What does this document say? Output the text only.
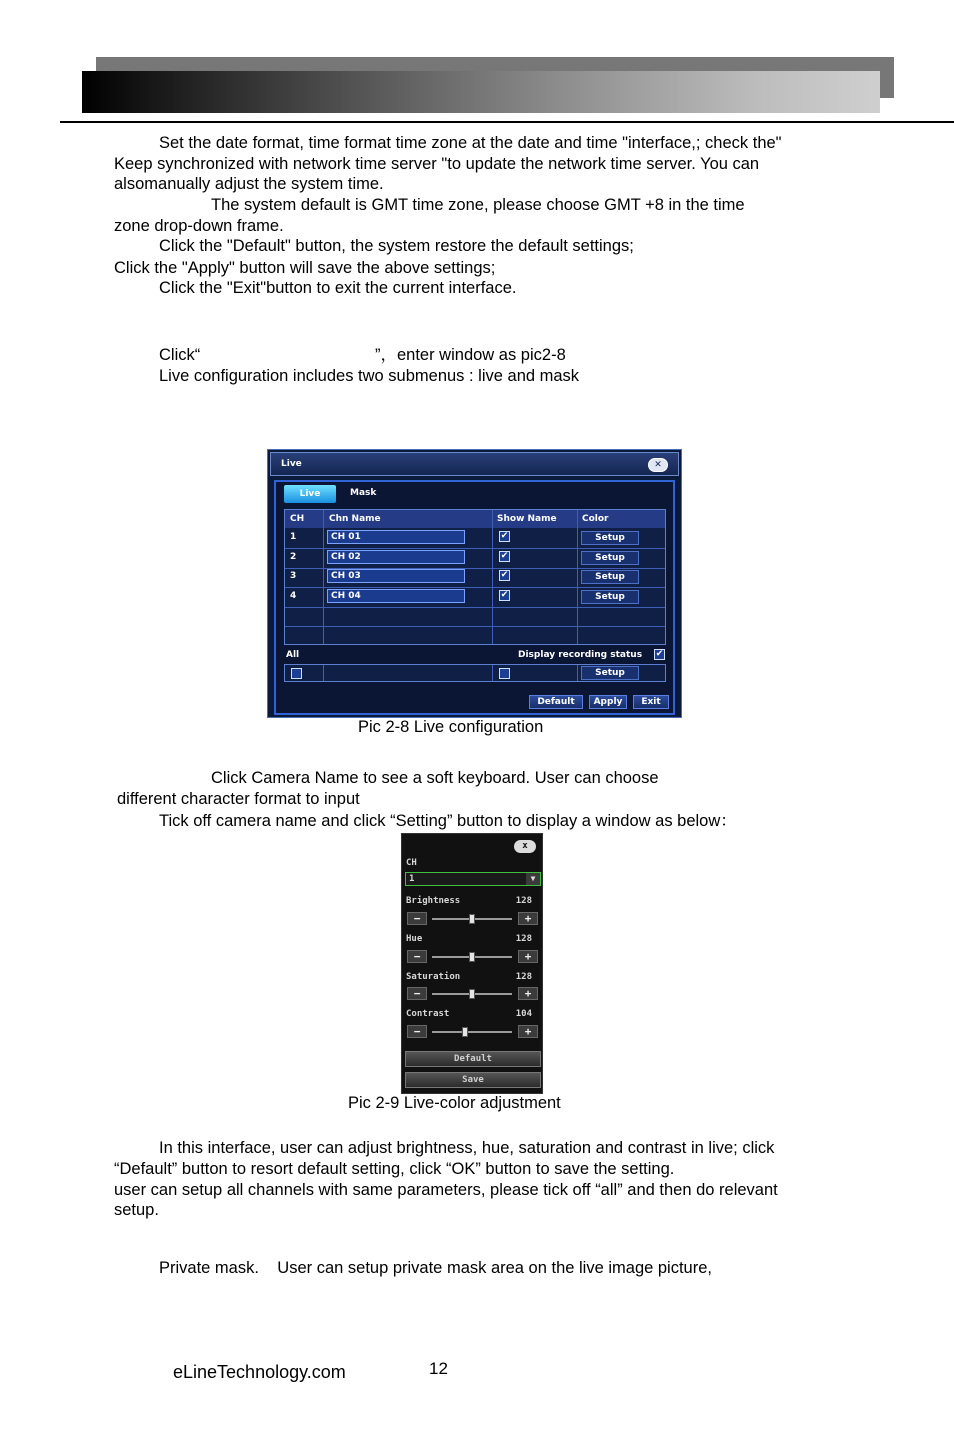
Set the date format, time format time zone at the date and time "interface,; check the"
Keep synchronized with network time server "to update the network time server. You can
alsomanually adjust the system time.
The system default is GMT time zone, please choose GMT +8 in the time
zone drop-down frame.
Click the "Default" button, the system restore the default settings;
Click the "Apply" button will save the above settings;
Click the "Exit"button to exit the current interface.
Click“	”，enter window as pic2-8
Live configuration includes two submenus : live and mask
Live	✕
Live	Mask
CH	Chn Name	Show Name	Color
1	CH 01	✔	Setup
2	CH 02	✔	Setup
3	CH 03	✔	Setup
4	CH 04	✔	Setup
All	Display recording status ✔
Setup
Default	Apply	Exit
Pic 2-8 Live configuration
Click Camera Name to see a soft keyboard. User can choose
different character format to input
Tick off camera name and click “Setting” button to display a window as below：
x
CH
1	▼
Brightness	128
−	+
Hue	128
−	+
Saturation	128
−	+
Contrast	104
−	+
Default
Save
Pic 2-9 Live-color adjustment
In this interface, user can adjust brightness, hue, saturation and contrast in live; click
“Default” button to resort default setting, click “OK” button to save the setting.
user can setup all channels with same parameters, please tick off “all” and then do relevant
setup.
Private mask.    User can setup private mask area on the live image picture,
eLineTechnology.com	12
